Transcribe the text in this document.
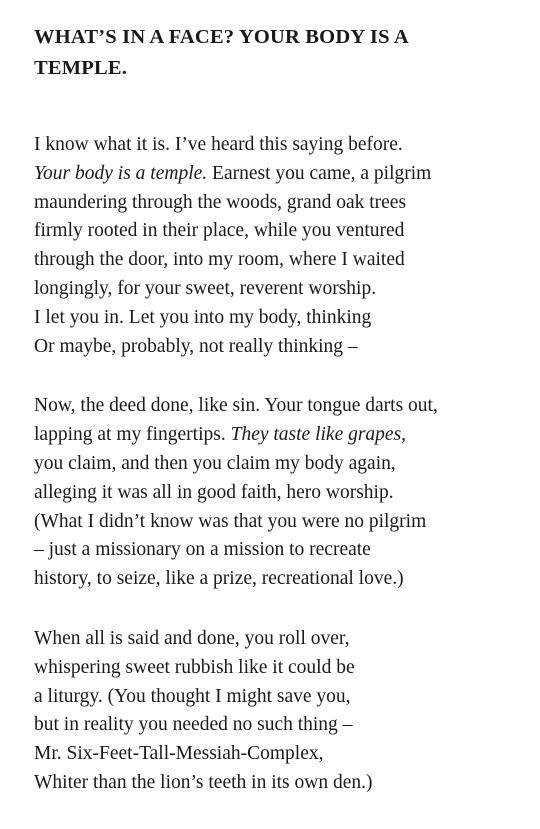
WHAT’S IN A FACE? YOUR BODY IS A
TEMPLE.
I know what it is. I’ve heard this saying before.
Your body is a temple. Earnest you came, a pilgrim
maundering through the woods, grand oak trees
firmly rooted in their place, while you ventured
through the door, into my room, where I waited
longingly, for your sweet, reverent worship.
I let you in. Let you into my body, thinking
Or maybe, probably, not really thinking –
Now, the deed done, like sin. Your tongue darts out,
lapping at my fingertips. They taste like grapes,
you claim, and then you claim my body again,
alleging it was all in good faith, hero worship.
(What I didn’t know was that you were no pilgrim
– just a missionary on a mission to recreate
history, to seize, like a prize, recreational love.)
When all is said and done, you roll over,
whispering sweet rubbish like it could be
a liturgy. (You thought I might save you,
but in reality you needed no such thing –
Mr. Six-Feet-Tall-Messiah-Complex,
Whiter than the lion’s teeth in its own den.)
